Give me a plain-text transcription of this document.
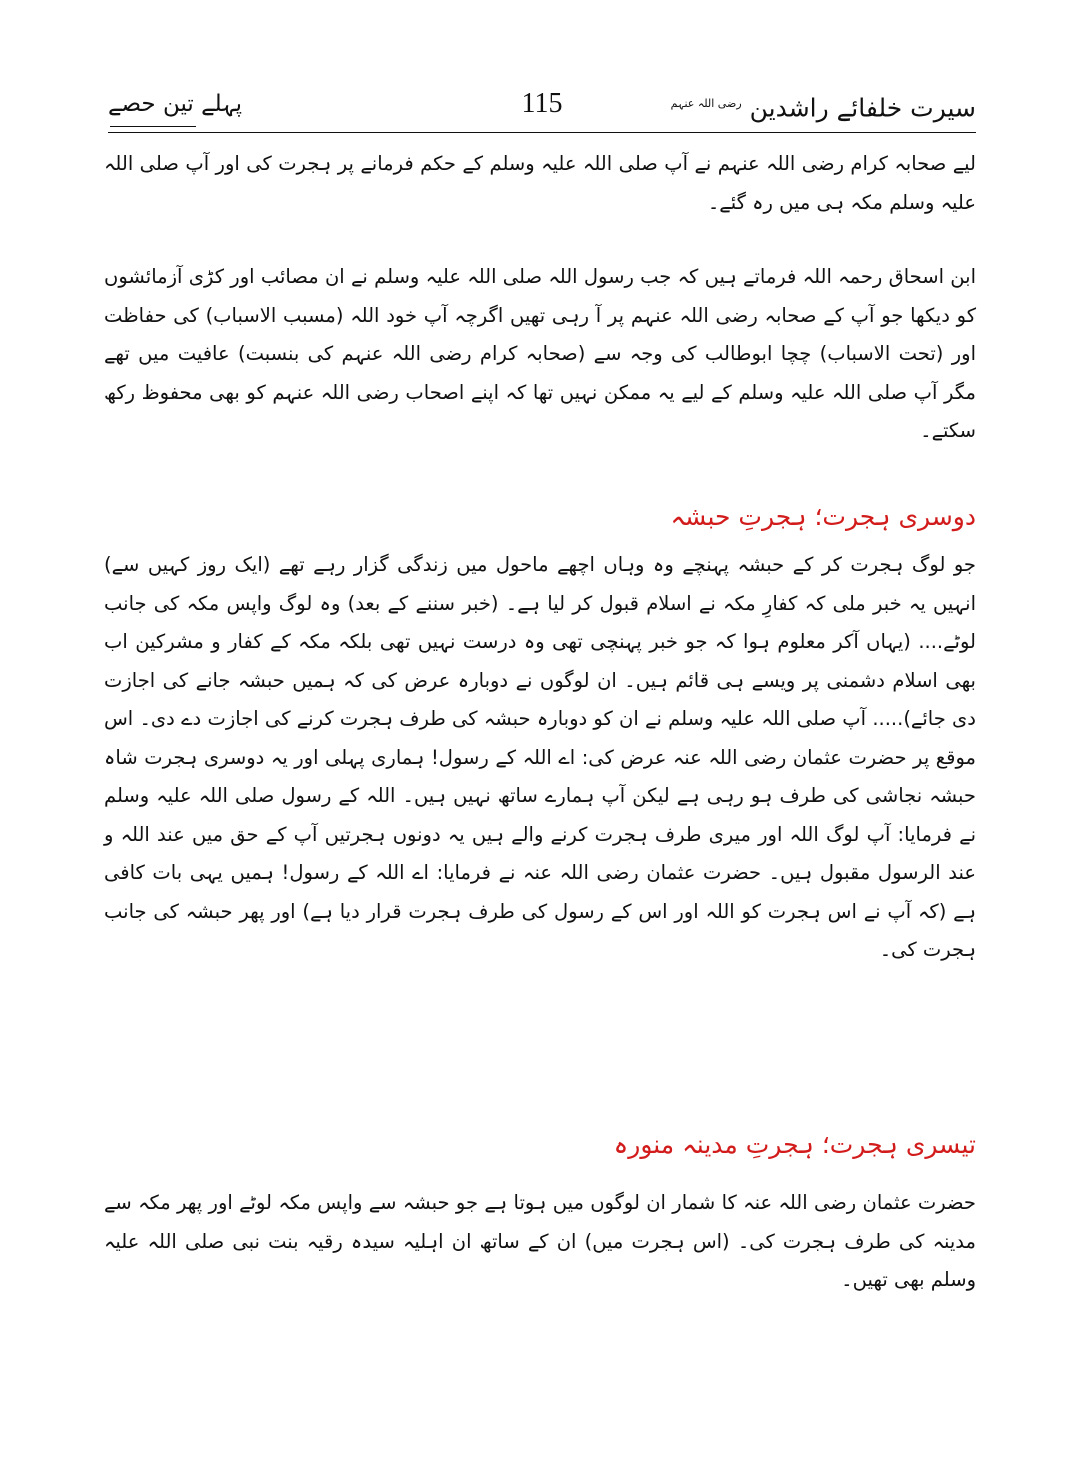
سیرت خلفائے راشدین $^{رضی اللہ عنہم}$
115
پہلے تین حصے

لیے صحابہ کرام رضی اللہ عنہم نے آپ صلی اللہ علیہ وسلم کے حکم فرمانے پر ہجرت کی اور آپ صلی اللہ علیہ وسلم مکہ ہی میں رہ گئے۔

ابن اسحاق رحمہ اللہ فرماتے ہیں کہ جب رسول اللہ صلی اللہ علیہ وسلم نے ان مصائب اور کڑی آزمائشوں کو دیکھا جو آپ کے صحابہ رضی اللہ عنہم پر آ رہی تھیں اگرچہ آپ خود اللہ (مسبب الاسباب) کی حفاظت اور (تحت الاسباب) چچا ابوطالب کی وجہ سے (صحابہ کرام رضی اللہ عنہم کی بنسبت) عافیت میں تھے مگر آپ صلی اللہ علیہ وسلم کے لیے یہ ممکن نہیں تھا کہ اپنے اصحاب رضی اللہ عنہم کو بھی محفوظ رکھ سکتے۔

دوسری ہجرت؛ ہجرتِ حبشہ

جو لوگ ہجرت کر کے حبشہ پہنچے وہ وہاں اچھے ماحول میں زندگی گزار رہے تھے (ایک روز کہیں سے) انہیں یہ خبر ملی کہ کفارِ مکہ نے اسلام قبول کر لیا ہے۔ (خبر سننے کے بعد) وہ لوگ واپس مکہ کی جانب لوٹے.... (یہاں آکر معلوم ہوا کہ جو خبر پہنچی تھی وہ درست نہیں تھی بلکہ مکہ کے کفار و مشرکین اب بھی اسلام دشمنی پر ویسے ہی قائم ہیں۔ ان لوگوں نے دوبارہ عرض کی کہ ہمیں حبشہ جانے کی اجازت دی جائے)..... آپ صلی اللہ علیہ وسلم نے ان کو دوبارہ حبشہ کی طرف ہجرت کرنے کی اجازت دے دی۔ اس موقع پر حضرت عثمان رضی اللہ عنہ عرض کی: اے اللہ کے رسول! ہماری پہلی اور یہ دوسری ہجرت شاہ حبشہ نجاشی کی طرف ہو رہی ہے لیکن آپ ہمارے ساتھ نہیں ہیں۔ اللہ کے رسول صلی اللہ علیہ وسلم نے فرمایا: آپ لوگ اللہ اور میری طرف ہجرت کرنے والے ہیں یہ دونوں ہجرتیں آپ کے حق میں عند اللہ و عند الرسول مقبول ہیں۔ حضرت عثمان رضی اللہ عنہ نے فرمایا: اے اللہ کے رسول! ہمیں یہی بات کافی ہے (کہ آپ نے اس ہجرت کو اللہ اور اس کے رسول کی طرف ہجرت قرار دیا ہے) اور پھر حبشہ کی جانب ہجرت کی۔

تیسری ہجرت؛ ہجرتِ مدینہ منورہ

حضرت عثمان رضی اللہ عنہ کا شمار ان لوگوں میں ہوتا ہے جو حبشہ سے واپس مکہ لوٹے اور پھر مکہ سے مدینہ کی طرف ہجرت کی۔ (اس ہجرت میں) ان کے ساتھ ان اہلیہ سیدہ رقیہ بنت نبی صلی اللہ علیہ وسلم بھی تھیں۔
